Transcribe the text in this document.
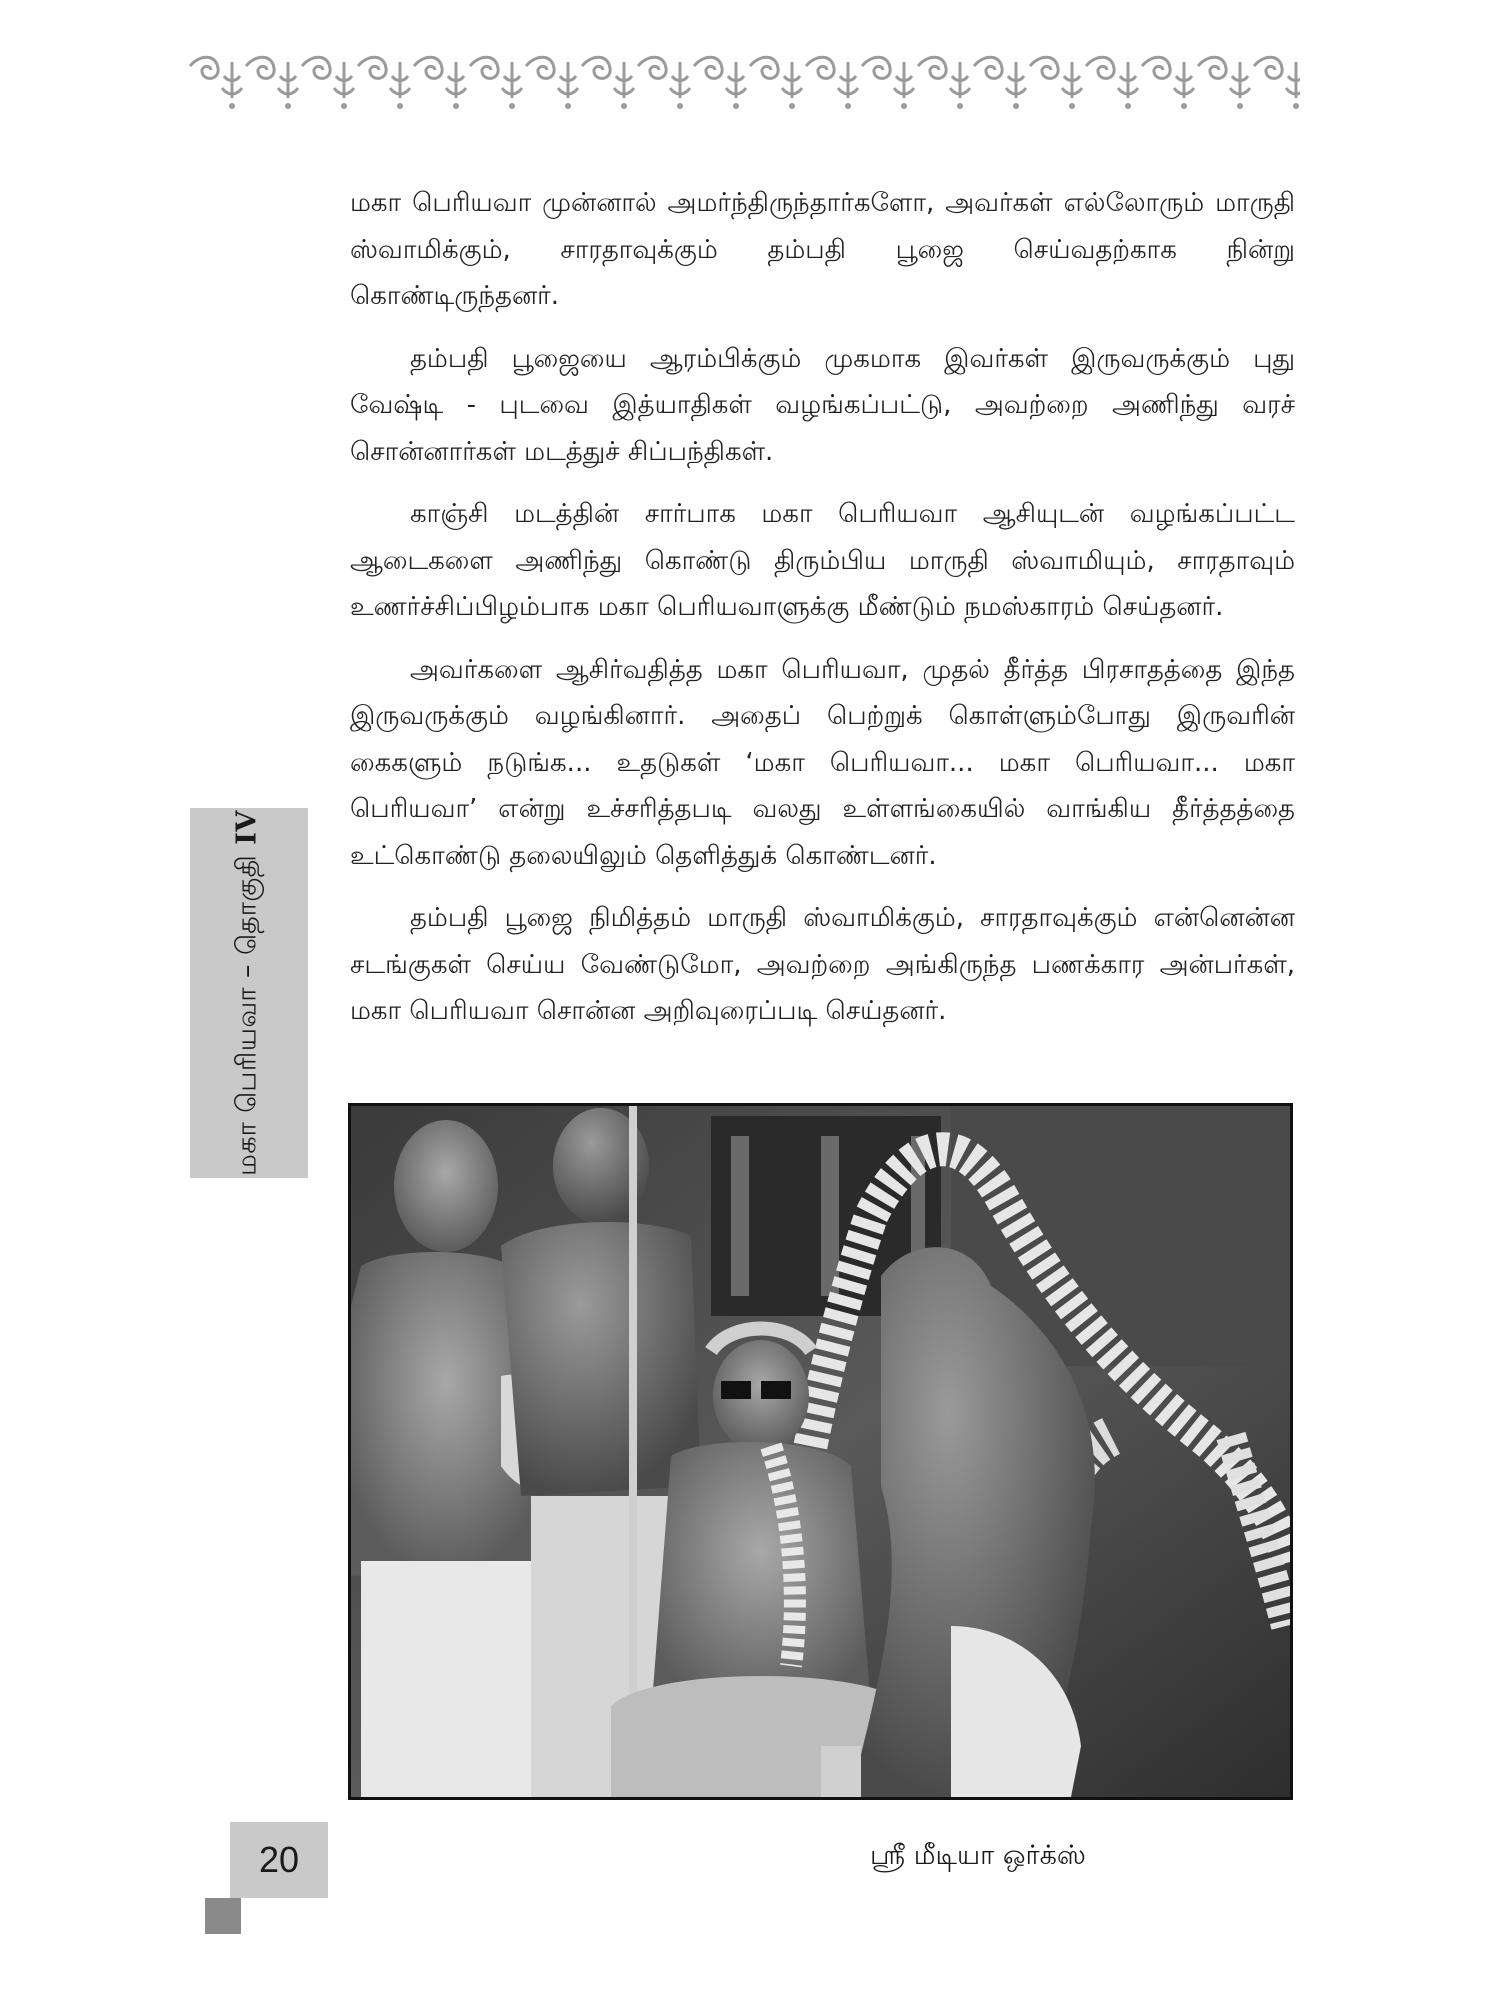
மகா பெரியவா – தொகுதிIV

மகா பெரியவா முன்னால் அமர்ந்திருந்தார்களோ, அவர்கள் எல்லோரும் மாருதி ஸ்வாமிக்கும், சாரதாவுக்கும் தம்பதி பூஜை செய்வதற்காக நின்று கொண்டிருந்தனர்.

தம்பதி பூஜையை ஆரம்பிக்கும் முகமாக இவர்கள் இருவருக்கும் புது வேஷ்டி - புடவை இத்யாதிகள் வழங்கப்பட்டு, அவற்றை அணிந்து வரச் சொன்னார்கள் மடத்துச் சிப்பந்திகள்.

காஞ்சி மடத்தின் சார்பாக மகா பெரியவா ஆசியுடன் வழங்கப்பட்ட ஆடைகளை அணிந்து கொண்டு திரும்பிய மாருதி ஸ்வாமியும், சாரதாவும் உணர்ச்சிப்பிழம்பாக மகா பெரியவாளுக்கு மீண்டும் நமஸ்காரம் செய்தனர்.

அவர்களை ஆசிர்வதித்த மகா பெரியவா, முதல் தீர்த்த பிரசாதத்தை இந்த இருவருக்கும் வழங்கினார். அதைப் பெற்றுக் கொள்ளும்போது இருவரின் கைகளும் நடுங்க... உதடுகள் ‘மகா பெரியவா... மகா பெரியவா... மகா பெரியவா’ என்று உச்சரித்தபடி வலது உள்ளங்கையில் வாங்கிய தீர்த்தத்தை உட்கொண்டு தலையிலும் தெளித்துக் கொண்டனர்.

தம்பதி பூஜை நிமித்தம் மாருதி ஸ்வாமிக்கும், சாரதாவுக்கும் என்னென்ன சடங்குகள் செய்ய வேண்டுமோ, அவற்றை அங்கிருந்த பணக்கார அன்பர்கள், மகா பெரியவா சொன்ன அறிவுரைப்படி செய்தனர்.

20	ஸ்ரீ மீடியா ஒர்க்ஸ்
